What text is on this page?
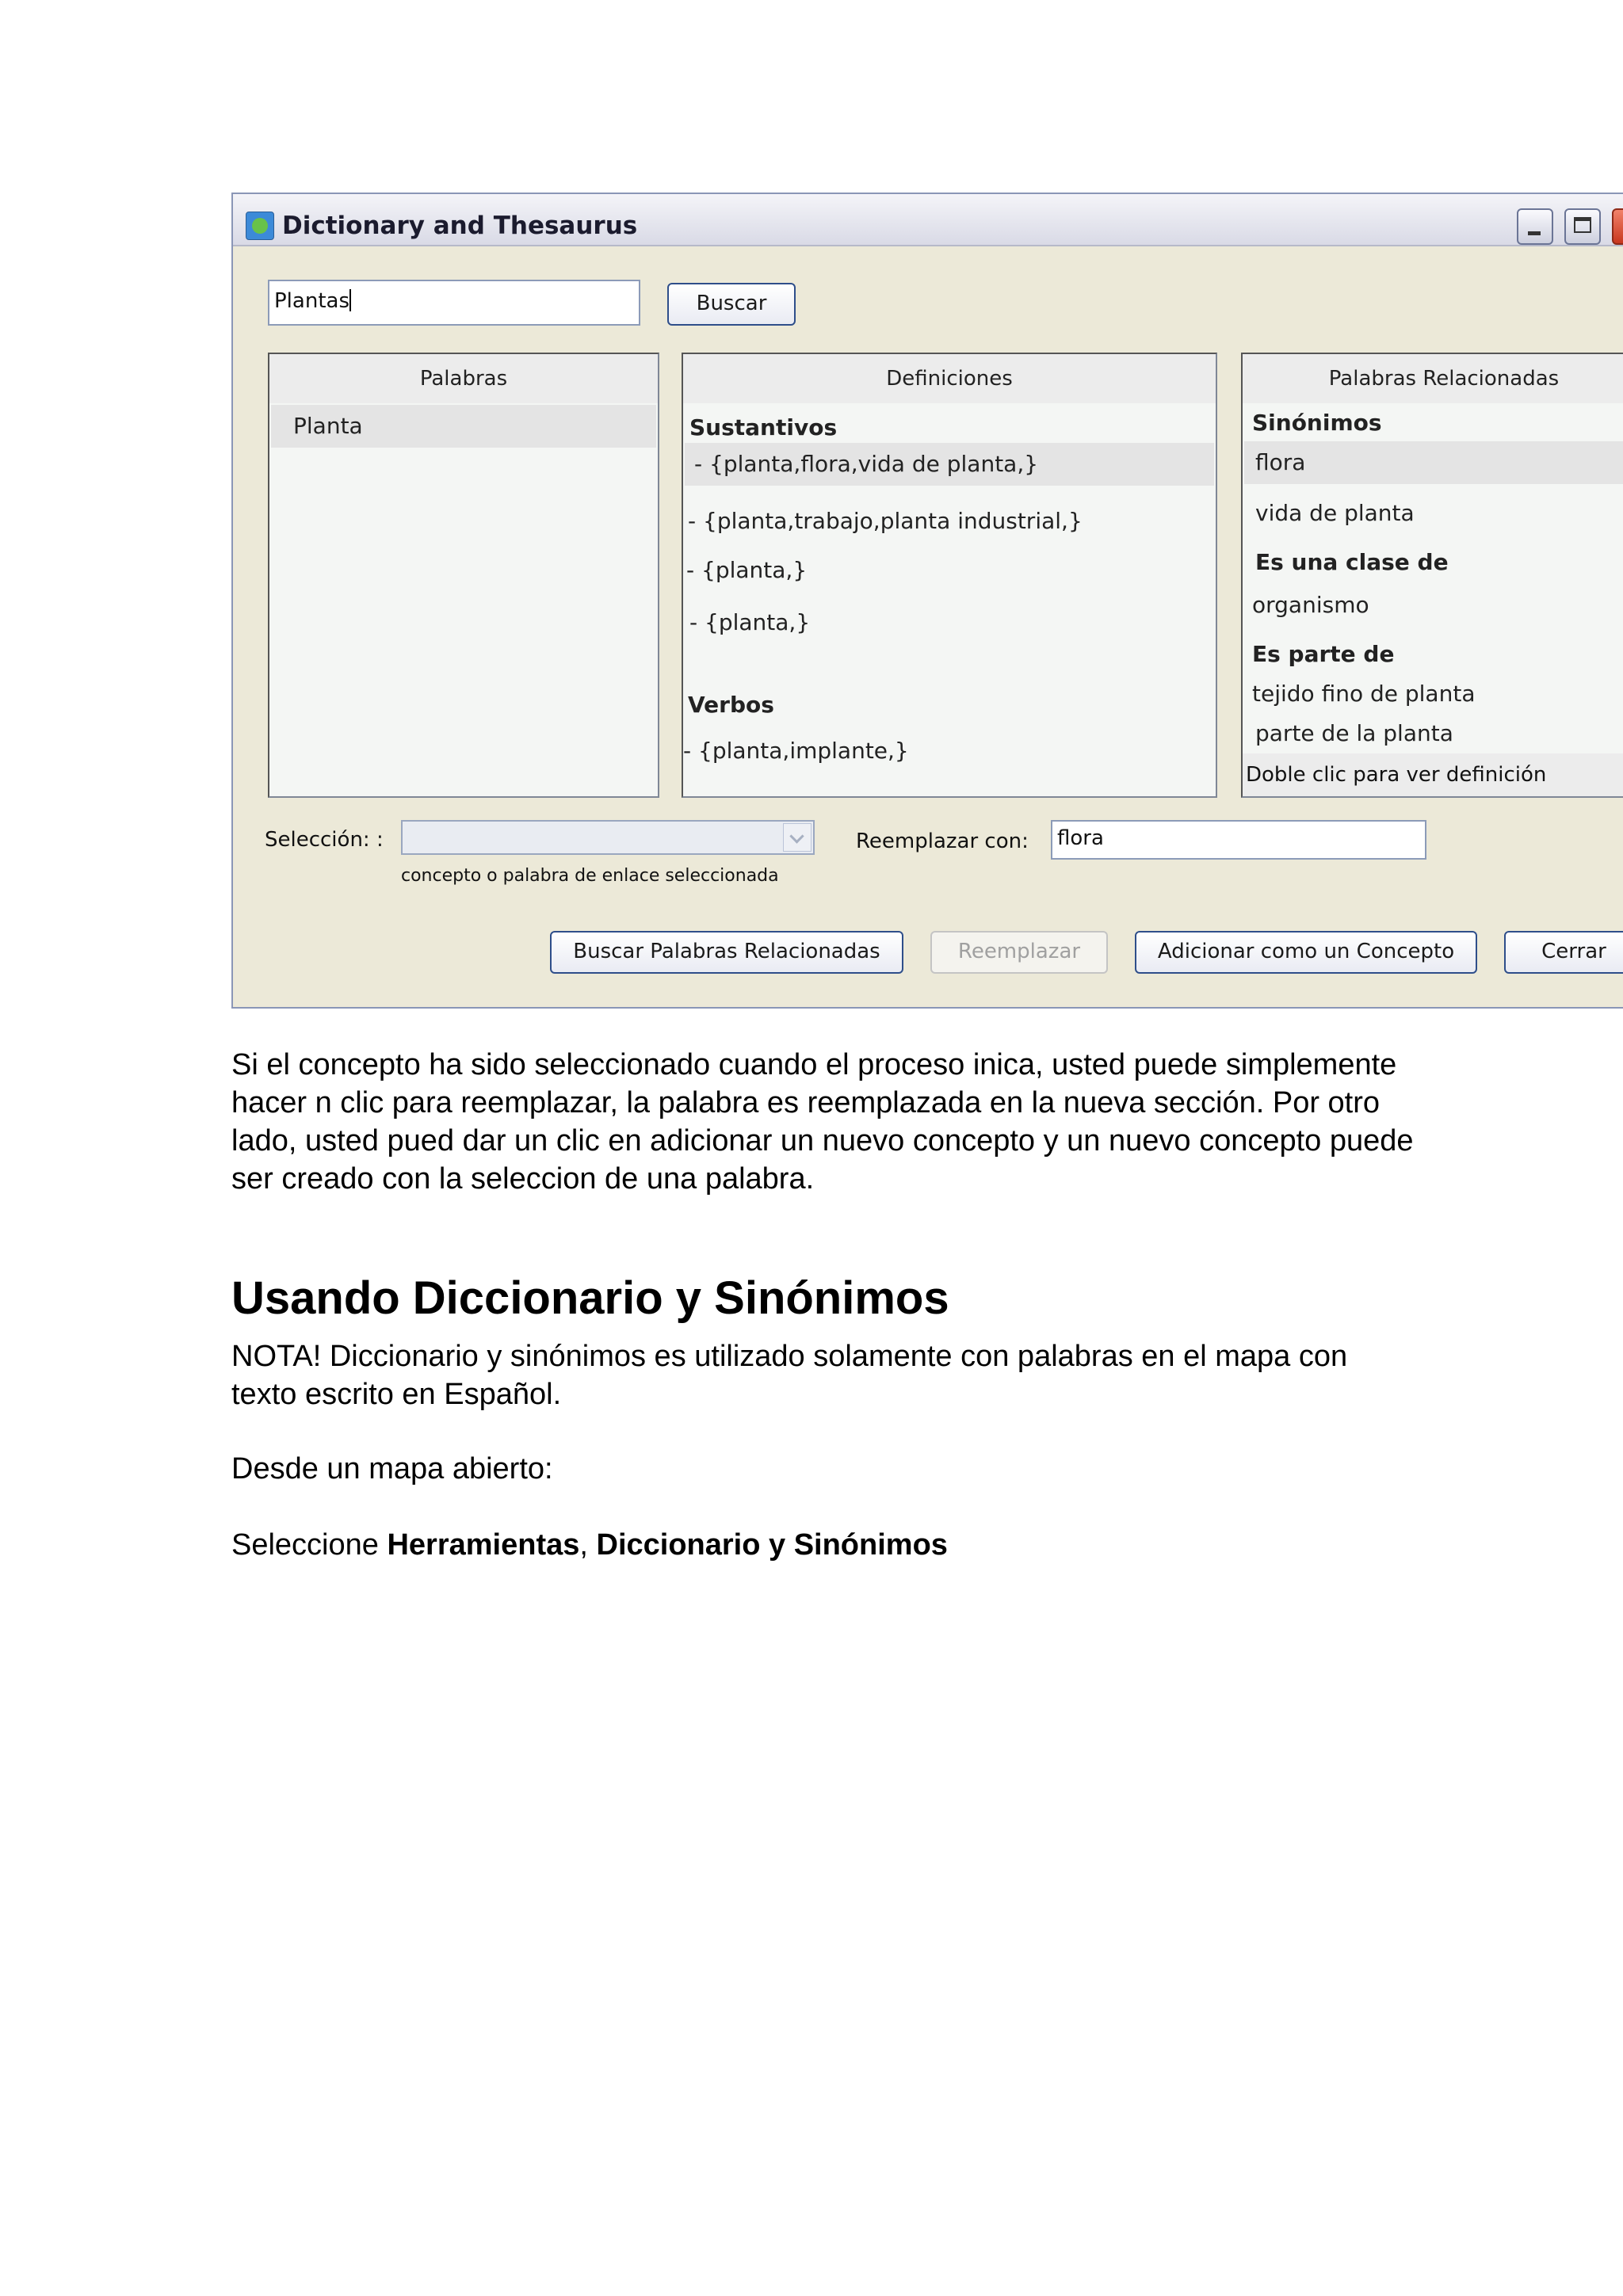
Dictionary and Thesaurus
Plantas	Buscar
Palabras
Planta
Definiciones
Sustantivos
- {planta,flora,vida de planta,}
- {planta,trabajo,planta industrial,}
- {planta,}
- {planta,}
Verbos
- {planta,implante,}
Palabras Relacionadas
Sinónimos
flora
vida de planta
Es una clase de
organismo
Es parte de
tejido fino de planta
parte de la planta
Doble clic para ver definición
Selección: :
concepto o palabra de enlace seleccionada
Reemplazar con:	flora
Buscar Palabras Relacionadas	Reemplazar	Adicionar como un Concepto	Cerrar
Si el concepto ha sido seleccionado cuando el proceso inica, usted puede simplemente hacer n clic para reemplazar, la palabra es reemplazada en la nueva sección. Por otro lado, usted pued dar un clic en adicionar un nuevo concepto y un nuevo concepto puede ser creado con la seleccion de una palabra.
Usando Diccionario y Sinónimos
NOTA! Diccionario y sinónimos es utilizado solamente con palabras en el mapa con texto escrito en Español.
Desde un mapa abierto:
Seleccione Herramientas, Diccionario y Sinónimos
